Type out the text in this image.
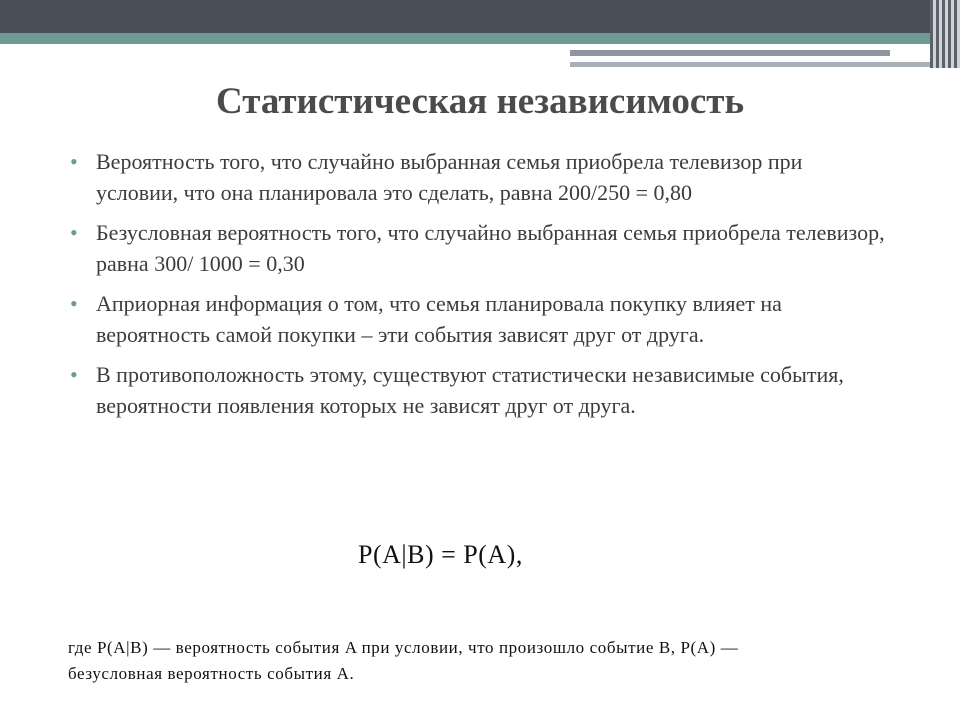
Статистическая независимость
• Вероятность того, что случайно выбранная семья приобрела телевизор при условии, что она планировала это сделать, равна 200/250 = 0,80
• Безусловная вероятность того, что случайно выбранная семья приобрела телевизор, равна 300/ 1000 = 0,30
• Априорная информация о том, что семья планировала покупку влияет на вероятность самой покупки – эти события зависят друг от друга.
• В противоположность этому, существуют статистически независимые события, вероятности появления которых не зависят друг от друга.
P(A|B) = P(A),
где P(A|B) — вероятность события A при условии, что произошло событие B, P(A) —
безусловная вероятность события A.
